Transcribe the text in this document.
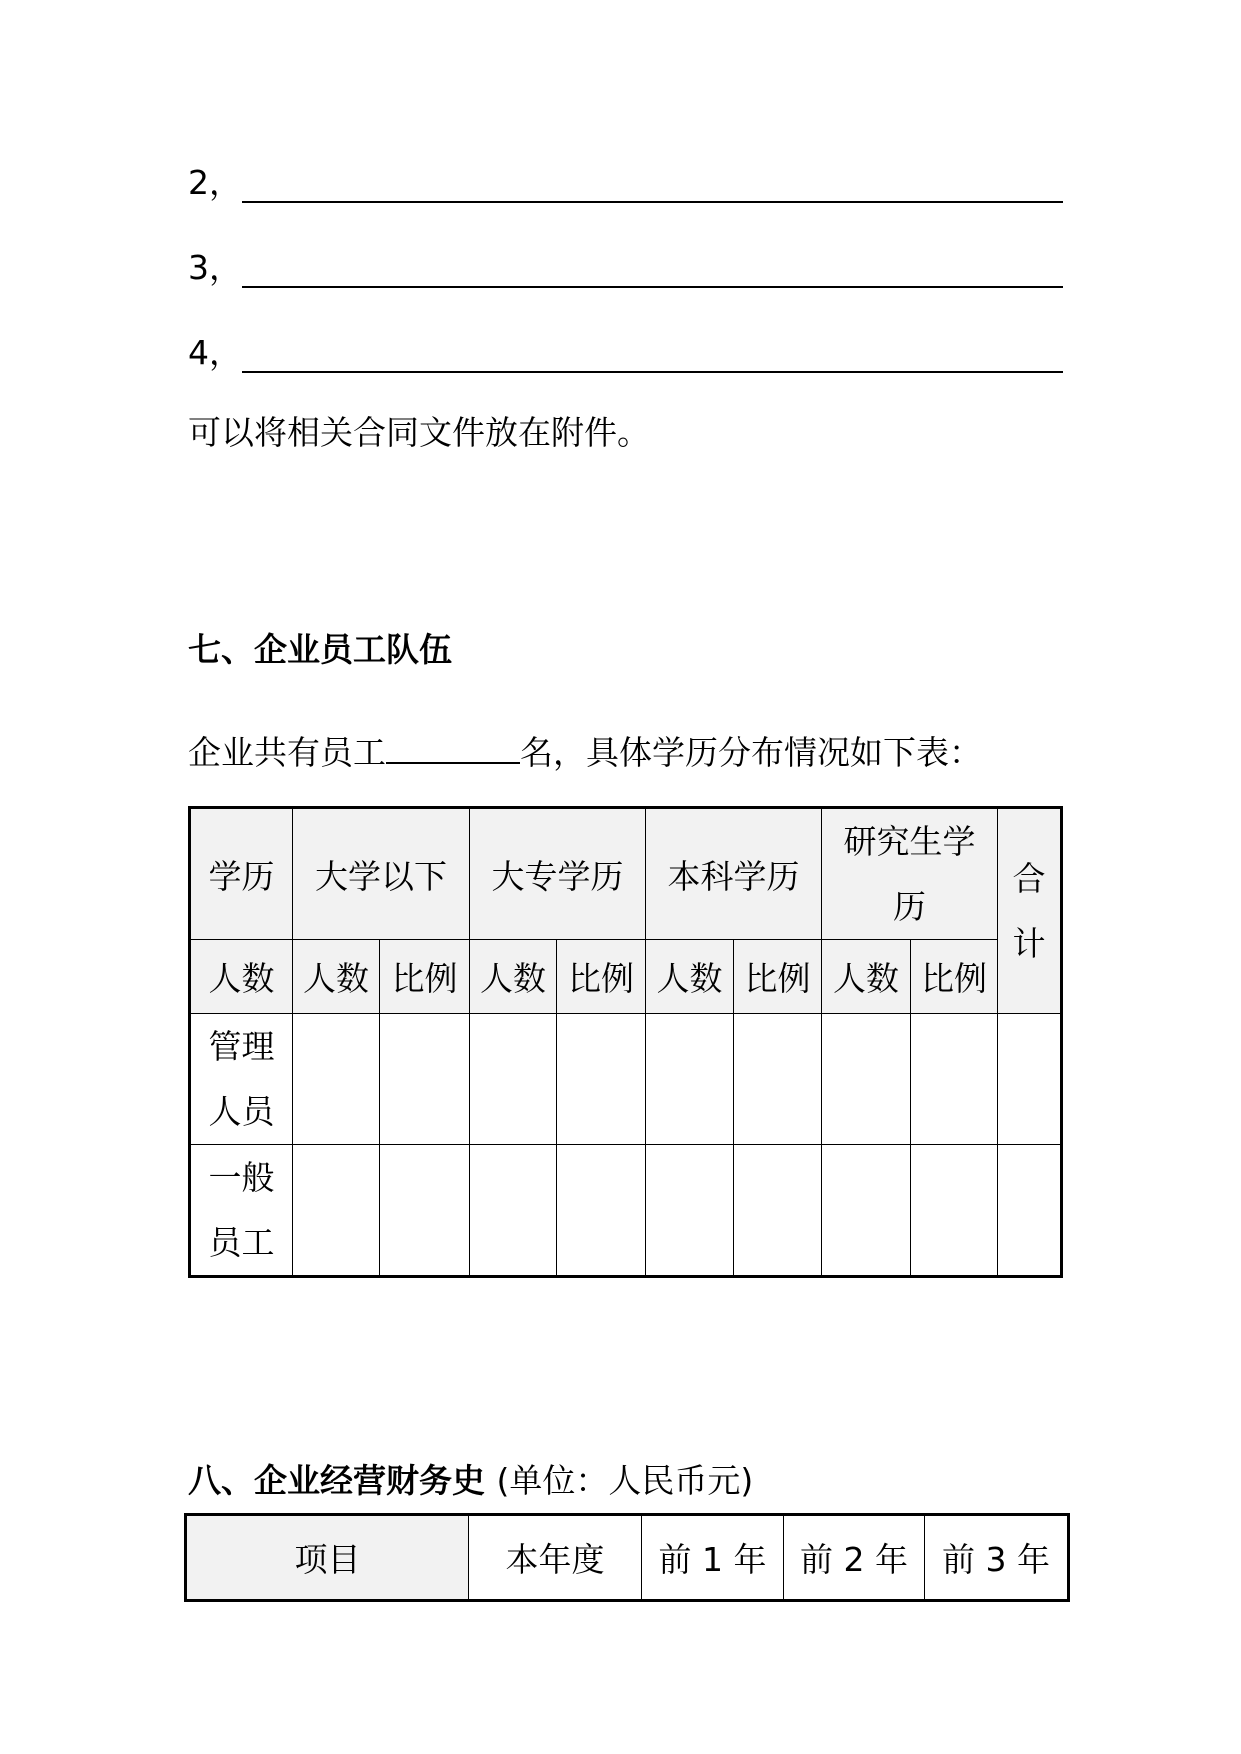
2，
3，
4，
可以将相关合同文件放在附件。
七、企业员工队伍
企业共有员工	名，具体学历分布情况如下表：
学历	大学以下		大专学历		本科学历		研究生学历		合计
人数	人数	比例	人数	比例	人数	比例	人数	比例	
管理人员									
一般员工									
八、企业经营财务史 (单位：人民币元)
项目	本年度	前 1 年	前 2 年	前 3 年
